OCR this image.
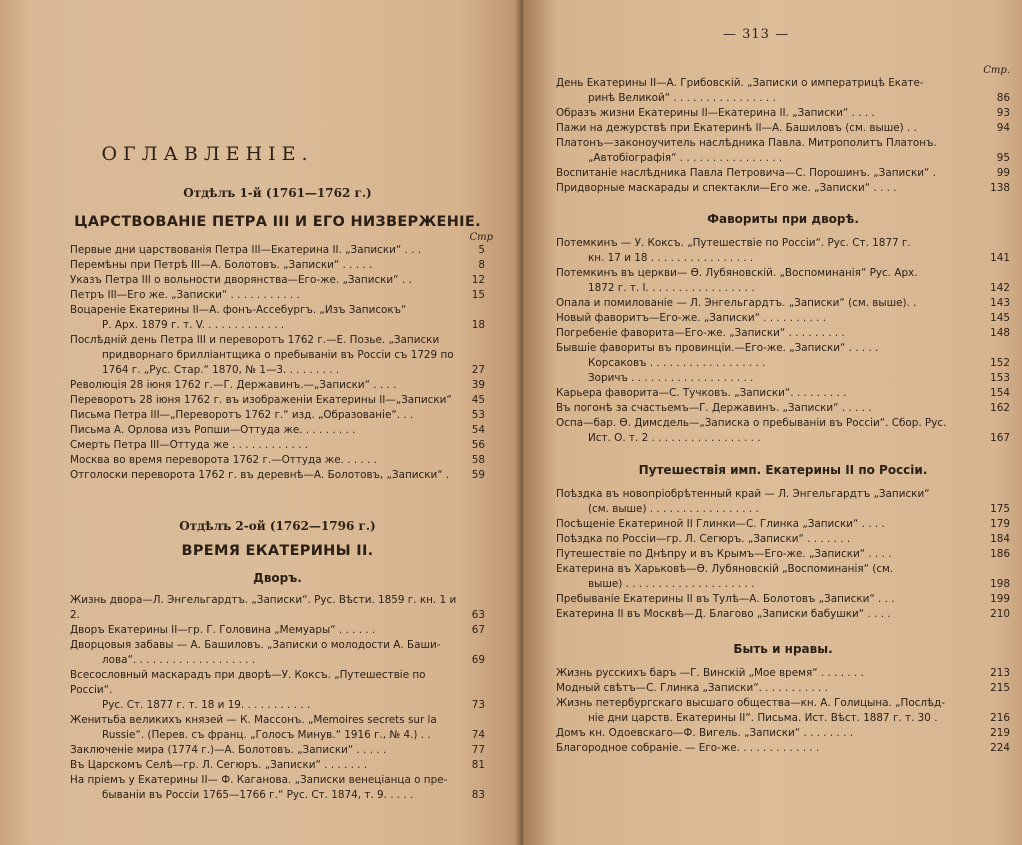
ОГЛАВЛЕНІЕ.
Отдѣлъ 1-й (1761—1762 г.)
ЦАРСТВОВАНІЕ ПЕТРА III И ЕГО НИЗВЕРЖЕНІЕ.
Стр
Первые дни царствованія Петра III—Екатерина II. „Записки“ . . .	5
Перемѣны при Петрѣ III—А. Болотовъ. „Записки“ . . . . .	8
Указъ Петра III о вольности дворянства—Его-же. „Записки“ . .	12
Петръ III—Его же. „Записки“ . . . . . . . . . . .	15
Воцареніе Екатерины II—А. фонъ-Ассебургъ. „Изъ Записокъ“
Р. Арх. 1879 г. т. V. . . . . . . . . . . . .	18
Послѣдній день Петра III и переворотъ 1762 г.—Е. Позье. „Записки
придворнаго бриллiантщика о пребываніи въ Россіи съ 1729 по
1764 г. „Рус. Стар.“ 1870, № 1—3. . . . . . . . .	27
Революція 28 іюня 1762 г.—Г. Державинъ.—„Записки“ . . . .	39
Переворотъ 28 іюня 1762 г. въ изображеніи Екатерины II—„Записки“	45
Письма Петра III—„Переворотъ 1762 г.“ изд. „Образованіе“. . .	53
Письма А. Орлова изъ Ропши—Оттуда же. . . . . . . . .	54
Смерть Петра III—Оттуда же . . . . . . . . . . . .	56
Москва во время переворота 1762 г.—Оттуда же. . . . . .	58
Отголоски переворота 1762 г. въ деревнѣ—А. Болотовъ, „Записки“ .	59
Отдѣлъ 2-ой (1762—1796 г.)
ВРЕМЯ ЕКАТЕРИНЫ II.
Дворъ.
Жизнь двора—Л. Энгельгардтъ. „Записки“. Рус. Вѣсти. 1859 г. кн. 1 и 2.	63
Дворъ Екатерины II—гр. Г. Головина „Мемуары“ . . . . . .	67
Дворцовыя забавы — А. Башиловъ. „Записки о молодости А. Баши-
лова“. . . . . . . . . . . . . . . . . . .	69
Всесословный маскарадъ при дворѣ—У. Коксъ. „Путешествіе по Россіи“.
Рус. Ст. 1877 г. т. 18 и 19. . . . . . . . . . .	73
Женитьба великихъ князей — К. Массонъ. „Memoires secrets sur la
Russie“. (Перев. съ франц. „Голосъ Минув.“ 1916 г., № 4.) . .	74
Заключеніе мира (1774 г.)—А. Болотовъ. „Записки“ . . . . .	77
Въ Царскомъ Селѣ—гр. Л. Сегюръ. „Записки“ . . . . . . .	81
На пріемъ у Екатерины II— Ф. Каганова. „Записки венеціанца о пре-
бываніи въ Россіи 1765—1766 г.“ Рус. Ст. 1874, т. 9. . . . .	83
— 313 —
Стр.
День Екатерины II—А. Грибовскій. „Записки о императрицѣ Екате-
ринѣ Великой“ . . . . . . . . . . . . . . . .	86
Образъ жизни Екатерины II—Екатерина II. „Записки“ . . . .	93
Пажи на дежурствѣ при Екатеринѣ II—А. Башиловъ (см. выше) . .	94
Платонъ—законоучитель наслѣдника Павла. Митрополитъ Платонъ.
„Автобіографія“ . . . . . . . . . . . . . . . .	95
Воспитаніе наслѣдника Павла Петровича—С. Порошинъ. „Записки“ .	99
Придворные маскарады и спектакли—Его же. „Записки“ . . . .	138
Фавориты при дворѣ.
Потемкинъ — У. Коксъ. „Путешествіе по Россіи“. Рус. Ст. 1877 г.
кн. 17 и 18 . . . . . . . . . . . . . . . .	141
Потемкинъ въ церкви— Ө. Лубяновскій. „Воспоминанія“ Рус. Арх.
1872 г. т. I. . . . . . . . . . . . . . . . .	142
Опала и помилованіе — Л. Энгельгардтъ. „Записки“ (см. выше). .	143
Новый фаворитъ—Его-же. „Записки“ . . . . . . . . . .	145
Погребеніе фаворита—Его-же. „Записки“ . . . . . . . . .	148
Бывшіе фавориты въ провинціи.—Его-же. „Записки“ . . . . .
Корсаковъ . . . . . . . . . . . . . . . . . .	152
Зоричъ . . . . . . . . . . . . . . . . . . .	153
Карьера фаворита—С. Тучковъ. „Записки“. . . . . . . . .	154
Въ погонѣ за счастьемъ—Г. Державинъ. „Записки“ . . . . .	162
Оспа—бар. Ө. Димсдель—„Записка о пребываніи въ Россіи“. Сбор. Рус.
Ист. О. т. 2 . . . . . . . . . . . . . . . . .	167
Путешествія имп. Екатерины II по Россіи.
Поѣздка въ новопріобрѣтенный край — Л. Энгельгардтъ „Записки“
(см. выше) . . . . . . . . . . . . . . . . .	175
Посѣщеніе Екатериной II Глинки—С. Глинка „Записки“ . . . .	179
Поѣздка по Россіи—гр. Л. Сегюръ. „Записки“ . . . . . . .	184
Путешествіе по Днѣпру и въ Крымъ—Его-же. „Записки“ . . . .	186
Екатерина въ Харьковѣ—Ө. Лубяновскій „Воспоминанія“ (см.
выше) . . . . . . . . . . . . . . . . . . . .	198
Пребываніе Екатерины II въ Тулѣ—А. Болотовъ „Записки“ . . .	199
Екатерина II въ Москвѣ—Д. Благово „Записки бабушки“ . . . .	210
Быть и нравы.
Жизнь русскихъ баръ —Г. Винскій „Мое время“ . . . . . . .	213
Модный свѣтъ—С. Глинка „Записки“. . . . . . . . . . .	215
Жизнь петербургскаго высшаго общества—кн. А. Голицына. „Послѣд-
ніе дни царств. Екатерины II“. Письма. Ист. Вѣст. 1887 г. т. 30 .	216
Домъ кн. Одоевскаго—Ф. Вигель. „Записки“ . . . . . . . .	219
Благородное собраніе. — Его-же. . . . . . . . . . . . .	224
